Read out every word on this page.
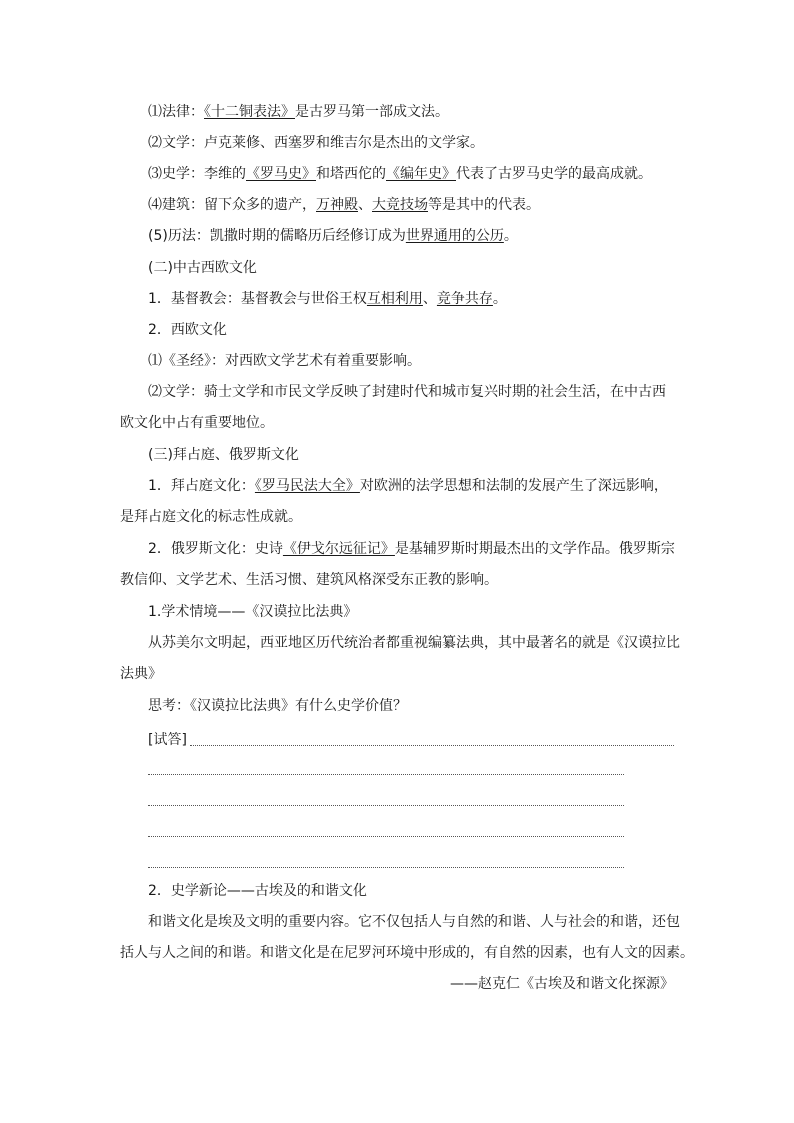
⑴法律：《十二铜表法》是古罗马第一部成文法。
⑵文学：卢克莱修、西塞罗和维吉尔是杰出的文学家。
⑶史学：李维的《罗马史》和塔西佗的《编年史》代表了古罗马史学的最高成就。
⑷建筑：留下众多的遗产，万神殿、大竞技场等是其中的代表。
(5)历法：凯撒时期的儒略历后经修订成为世界通用的公历。
(二)中古西欧文化
1．基督教会：基督教会与世俗王权互相利用、竞争共存。
2．西欧文化
⑴《圣经》：对西欧文学艺术有着重要影响。
⑵文学：骑士文学和市民文学反映了封建时代和城市复兴时期的社会生活，在中古西
欧文化中占有重要地位。
(三)拜占庭、俄罗斯文化
1．拜占庭文化：《罗马民法大全》对欧洲的法学思想和法制的发展产生了深远影响，
是拜占庭文化的标志性成就。
2．俄罗斯文化：史诗《伊戈尔远征记》是基辅罗斯时期最杰出的文学作品。俄罗斯宗
教信仰、文学艺术、生活习惯、建筑风格深受东正教的影响。
1.学术情境——《汉谟拉比法典》
从苏美尔文明起，西亚地区历代统治者都重视编纂法典，其中最著名的就是《汉谟拉比
法典》
思考：《汉谟拉比法典》有什么史学价值？
[试答]
2．史学新论——古埃及的和谐文化
和谐文化是埃及文明的重要内容。它不仅包括人与自然的和谐、人与社会的和谐，还包
括人与人之间的和谐。和谐文化是在尼罗河环境中形成的，有自然的因素，也有人文的因素。
——赵克仁《古埃及和谐文化探源》
